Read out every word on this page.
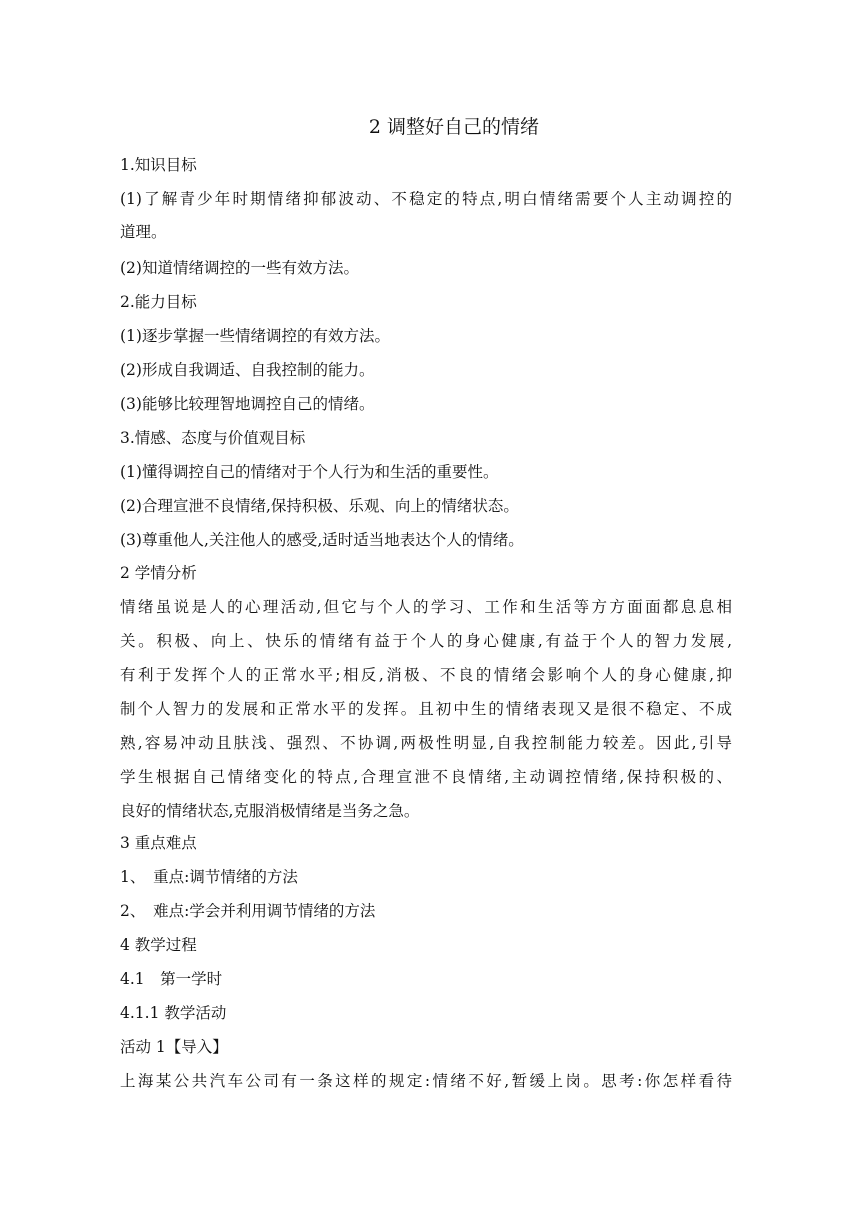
2 调整好自己的情绪
1.知识目标
(1)了解青少年时期情绪抑郁波动、不稳定的特点,明白情绪需要个人主动调控的
道理。
(2)知道情绪调控的一些有效方法。
2.能力目标
(1)逐步掌握一些情绪调控的有效方法。
(2)形成自我调适、自我控制的能力。
(3)能够比较理智地调控自己的情绪。
3.情感、态度与价值观目标
(1)懂得调控自己的情绪对于个人行为和生活的重要性。
(2)合理宣泄不良情绪,保持积极、乐观、向上的情绪状态。
(3)尊重他人,关注他人的感受,适时适当地表达个人的情绪。
2 学情分析
情绪虽说是人的心理活动,但它与个人的学习、工作和生活等方方面面都息息相
关。积极、向上、快乐的情绪有益于个人的身心健康,有益于个人的智力发展,
有利于发挥个人的正常水平;相反,消极、不良的情绪会影响个人的身心健康,抑
制个人智力的发展和正常水平的发挥。且初中生的情绪表现又是很不稳定、不成
熟,容易冲动且肤浅、强烈、不协调,两极性明显,自我控制能力较差。因此,引导
学生根据自己情绪变化的特点,合理宣泄不良情绪,主动调控情绪,保持积极的、
良好的情绪状态,克服消极情绪是当务之急。
3 重点难点
1、　重点:调节情绪的方法
2、　难点:学会并利用调节情绪的方法
4 教学过程
4.1　第一学时
4.1.1 教学活动
活动 1【导入】
上海某公共汽车公司有一条这样的规定:情绪不好,暂缓上岗。思考:你怎样看待
